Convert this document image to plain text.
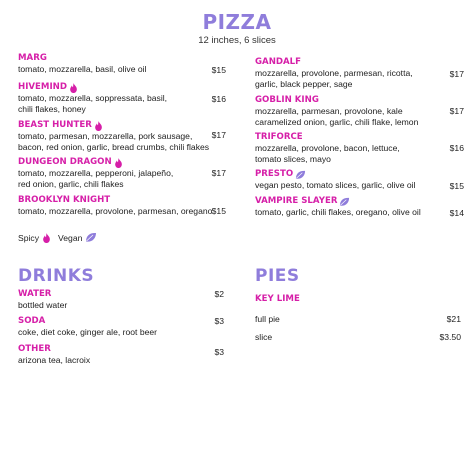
PIZZA
12 inches, 6 slices
MARG
tomato, mozzarella, basil, olive oil	$15
HIVEMIND
tomato, mozzarella, soppressata, basil,
chili flakes, honey
$16
BEAST HUNTER
tomato, parmesan, mozzarella, pork sausage,
bacon, red onion, garlic, bread crumbs, chili flakes
$17
DUNGEON DRAGON
tomato, mozzarella, pepperoni, jalapeño,
red onion, garlic, chili flakes
$17
BROOKLYN KNIGHT
tomato, mozzarella, provolone, parmesan, oregano $15
GANDALF
mozzarella, provolone, parmesan, ricotta,
garlic, black pepper, sage
$17
GOBLIN KING
mozzarella, parmesan, provolone, kale
caramelized onion, garlic, chili flake, lemon
$17
TRIFORCE
mozzarella, provolone, bacon, lettuce,
tomato slices, mayo
$16
PRESTO
vegan pesto, tomato slices, garlic, olive oil	$15
VAMPIRE SLAYER
tomato, garlic, chili flakes, oregano, olive oil	$14
Spicy Vegan
DRINKS
WATER
bottled water
$2
SODA
coke, diet coke, ginger ale, root beer
$3
OTHER
arizona tea, lacroix
$3
PIES
KEY LIME
full pie	$21
slice	$3.50
